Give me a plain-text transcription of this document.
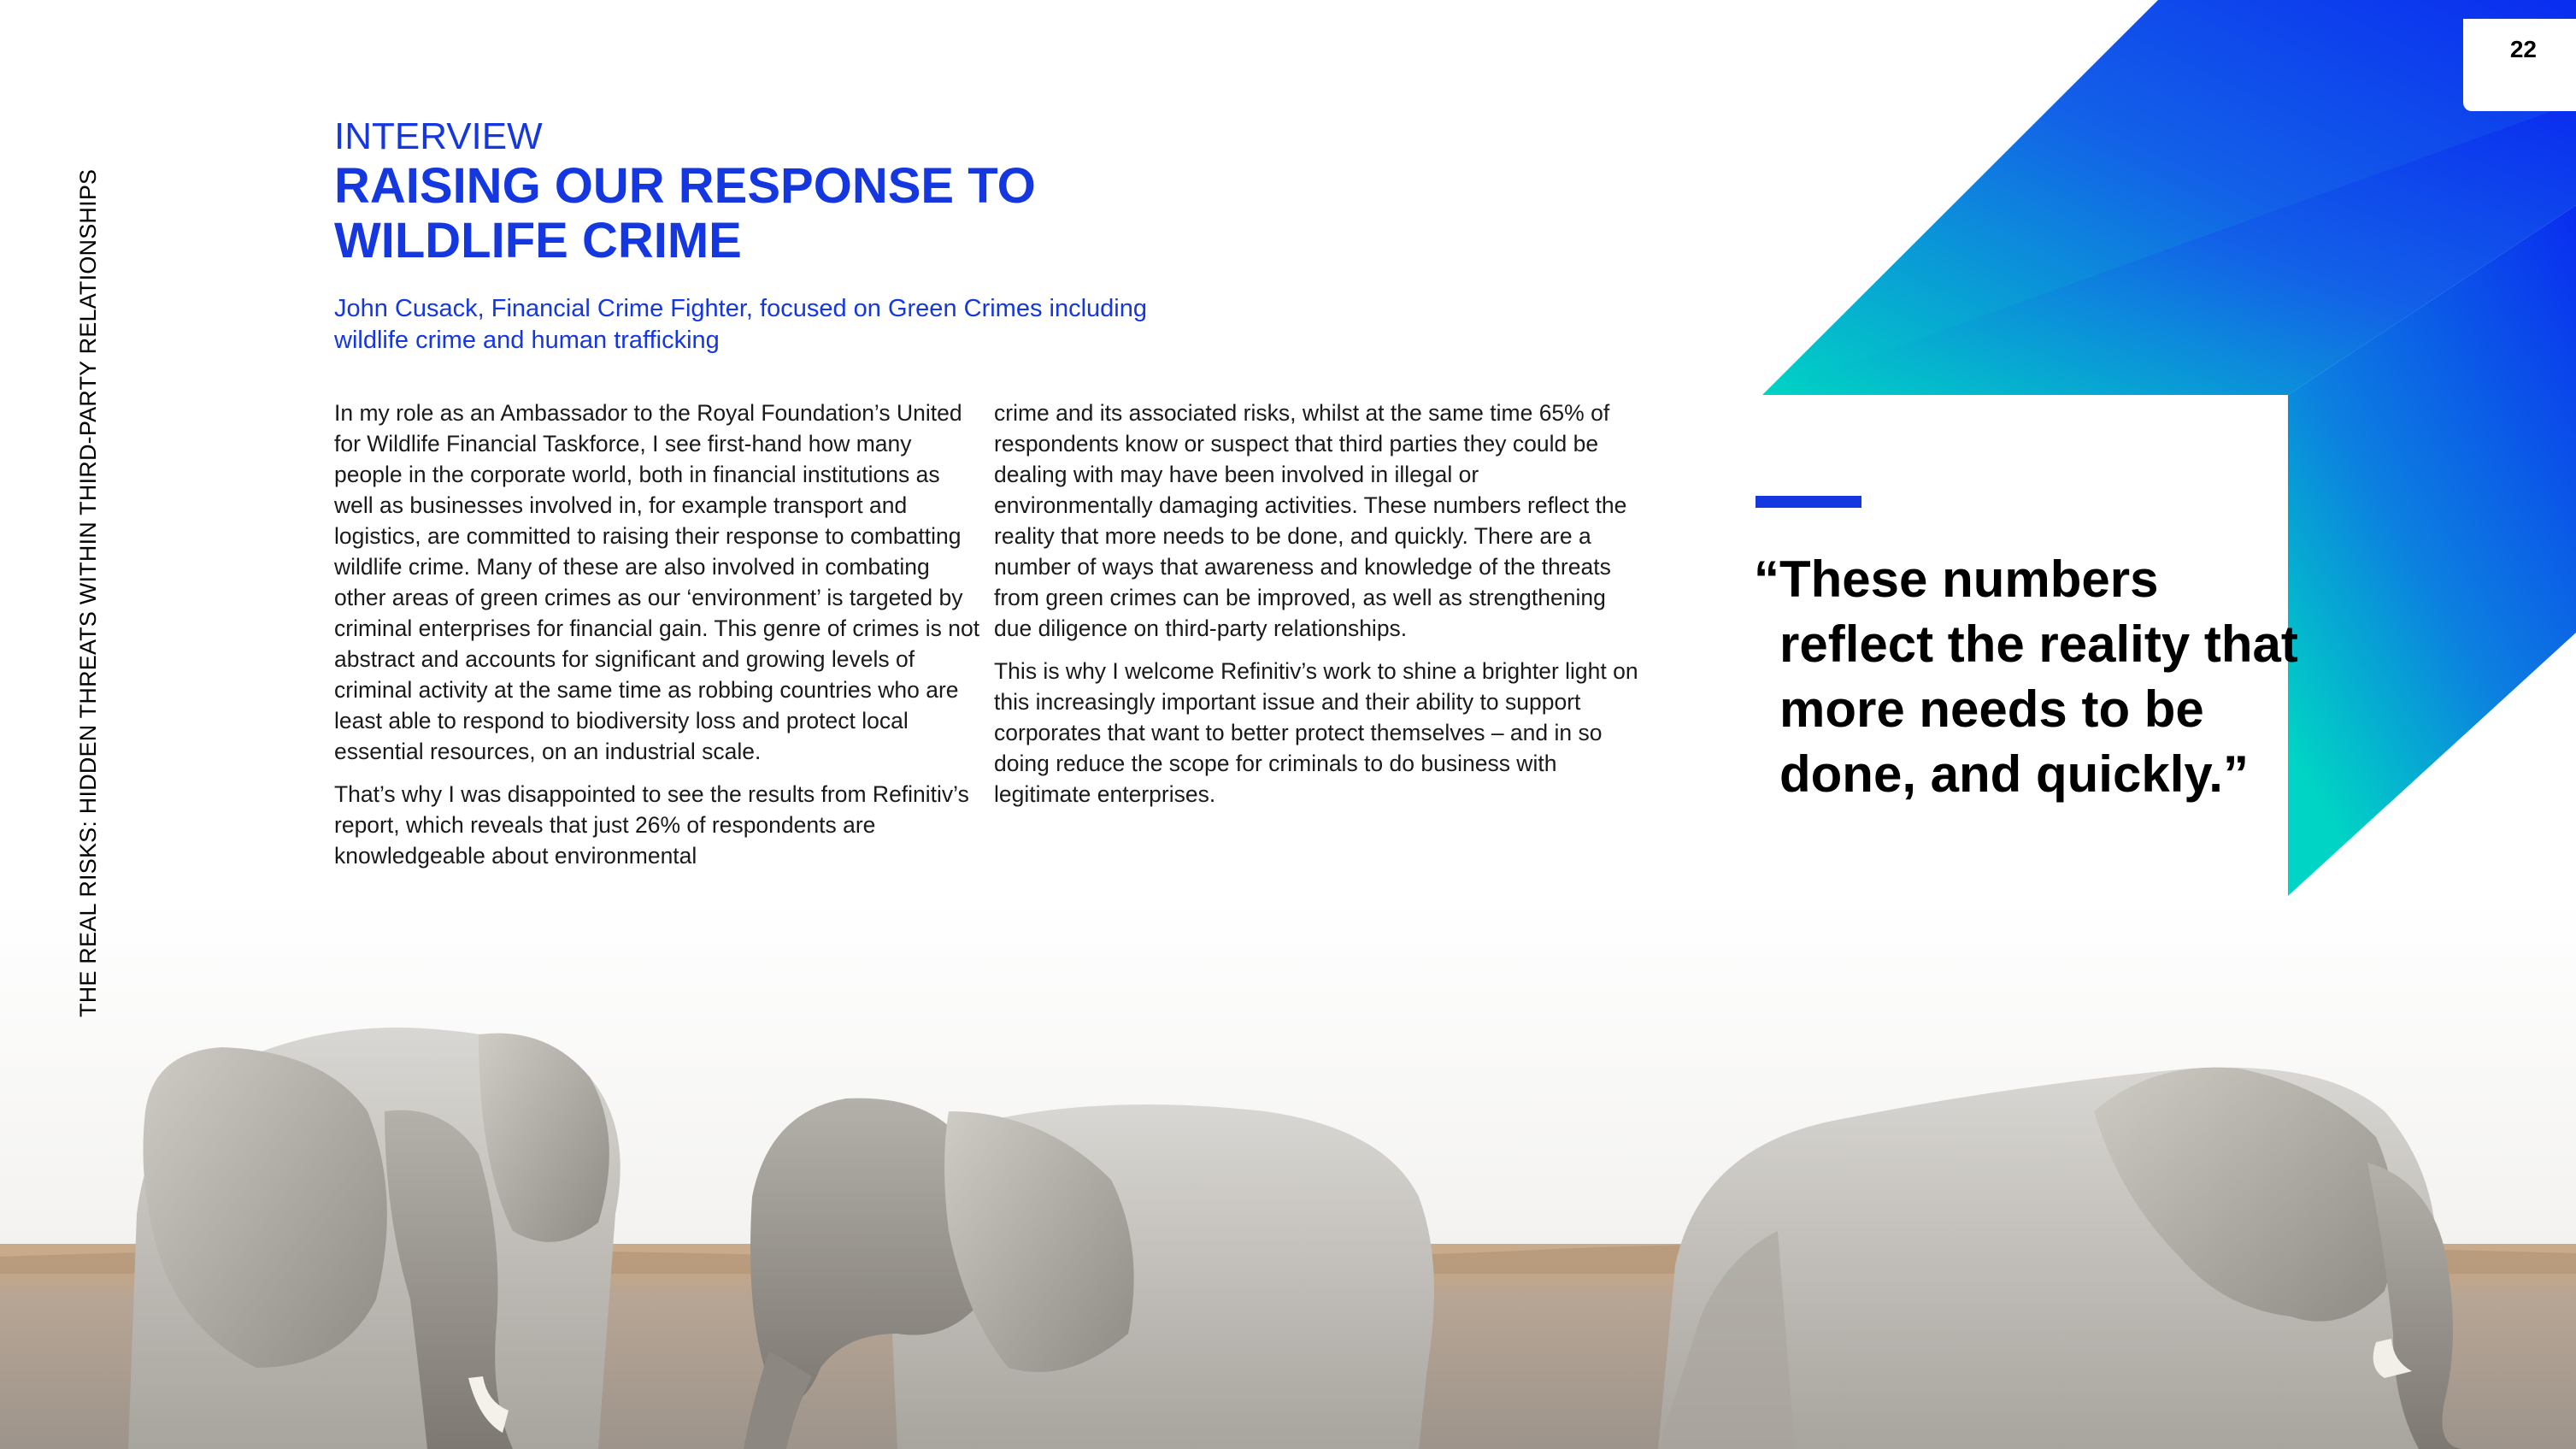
THE REAL RISKS: HIDDEN THREATS WITHIN THIRD-PARTY RELATIONSHIPS
INTERVIEW
RAISING OUR RESPONSE TO WILDLIFE CRIME
John Cusack, Financial Crime Fighter, focused on Green Crimes including wildlife crime and human trafficking

In my role as an Ambassador to the Royal Foundation’s United for Wildlife Financial Taskforce, I see first-hand how many people in the corporate world, both in financial institutions as well as businesses involved in, for example transport and logistics, are committed to raising their response to combatting wildlife crime. Many of these are also involved in combating other areas of green crimes as our ‘environment’ is targeted by criminal enterprises for financial gain. This genre of crimes is not abstract and accounts for significant and growing levels of criminal activity at the same time as robbing countries who are least able to respond to biodiversity loss and protect local essential resources, on an industrial scale.

That’s why I was disappointed to see the results from Refinitiv’s report, which reveals that just 26% of respondents are knowledgeable about environmental

crime and its associated risks, whilst at the same time 65% of respondents know or suspect that third parties they could be dealing with may have been involved in illegal or environmentally damaging activities. These numbers reflect the reality that more needs to be done, and quickly. There are a number of ways that awareness and knowledge of the threats from green crimes can be improved, as well as strengthening due diligence on third-party relationships.

This is why I welcome Refinitiv’s work to shine a brighter light on this increasingly important issue and their ability to support corporates that want to better protect themselves – and in so doing reduce the scope for criminals to do business with legitimate enterprises.

22
“These numbers reflect the reality that more needs to be done, and quickly.”
